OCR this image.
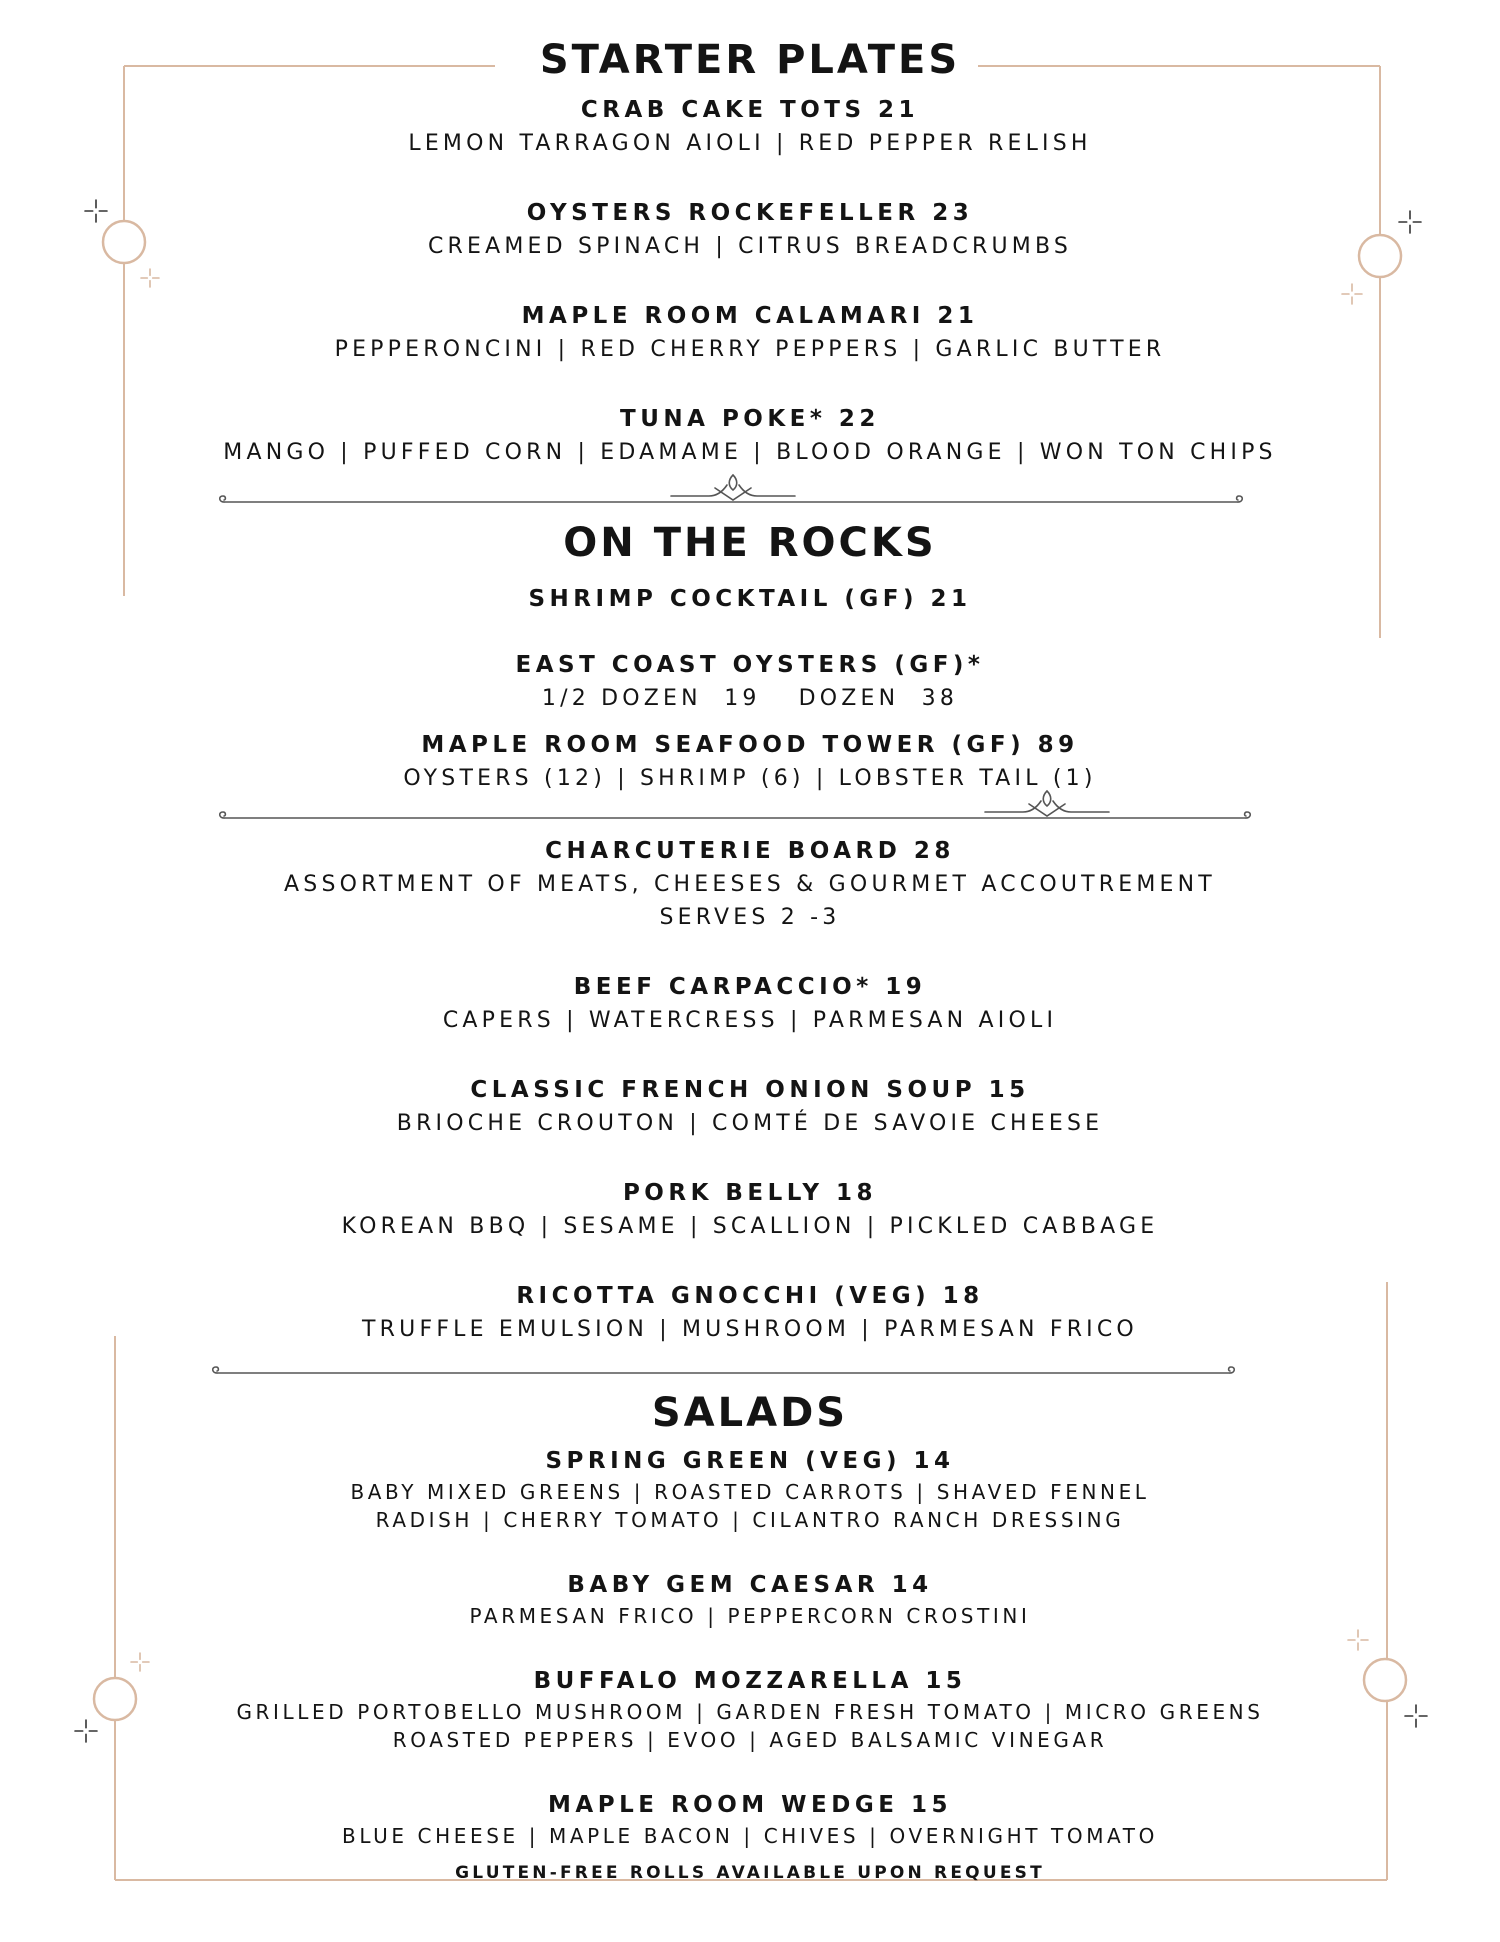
STARTER PLATES
CRAB CAKE TOTS 21
LEMON TARRAGON AIOLI | RED PEPPER RELISH
OYSTERS ROCKEFELLER 23
CREAMED SPINACH | CITRUS BREADCRUMBS
MAPLE ROOM CALAMARI 21
PEPPERONCINI | RED CHERRY PEPPERS | GARLIC BUTTER
TUNA POKE* 22
MANGO | PUFFED CORN | EDAMAME | BLOOD ORANGE | WON TON CHIPS
ON THE ROCKS
SHRIMP COCKTAIL (GF) 21
EAST COAST OYSTERS (GF)*
1/2 DOZEN 19 DOZEN 38
MAPLE ROOM SEAFOOD TOWER (GF) 89
OYSTERS (12) | SHRIMP (6) | LOBSTER TAIL (1)
CHARCUTERIE BOARD 28
ASSORTMENT OF MEATS, CHEESES & GOURMET ACCOUTREMENT
SERVES 2 -3
BEEF CARPACCIO* 19
CAPERS | WATERCRESS | PARMESAN AIOLI
CLASSIC FRENCH ONION SOUP 15
BRIOCHE CROUTON | COMTÉ DE SAVOIE CHEESE
PORK BELLY 18
KOREAN BBQ | SESAME | SCALLION | PICKLED CABBAGE
RICOTTA GNOCCHI (VEG) 18
TRUFFLE EMULSION | MUSHROOM | PARMESAN FRICO
SALADS
SPRING GREEN (VEG) 14
BABY MIXED GREENS | ROASTED CARROTS | SHAVED FENNEL
RADISH | CHERRY TOMATO | CILANTRO RANCH DRESSING
BABY GEM CAESAR 14
PARMESAN FRICO | PEPPERCORN CROSTINI
BUFFALO MOZZARELLA 15
GRILLED PORTOBELLO MUSHROOM | GARDEN FRESH TOMATO | MICRO GREENS
ROASTED PEPPERS | EVOO | AGED BALSAMIC VINEGAR
MAPLE ROOM WEDGE 15
BLUE CHEESE | MAPLE BACON | CHIVES | OVERNIGHT TOMATO
GLUTEN-FREE ROLLS AVAILABLE UPON REQUEST
